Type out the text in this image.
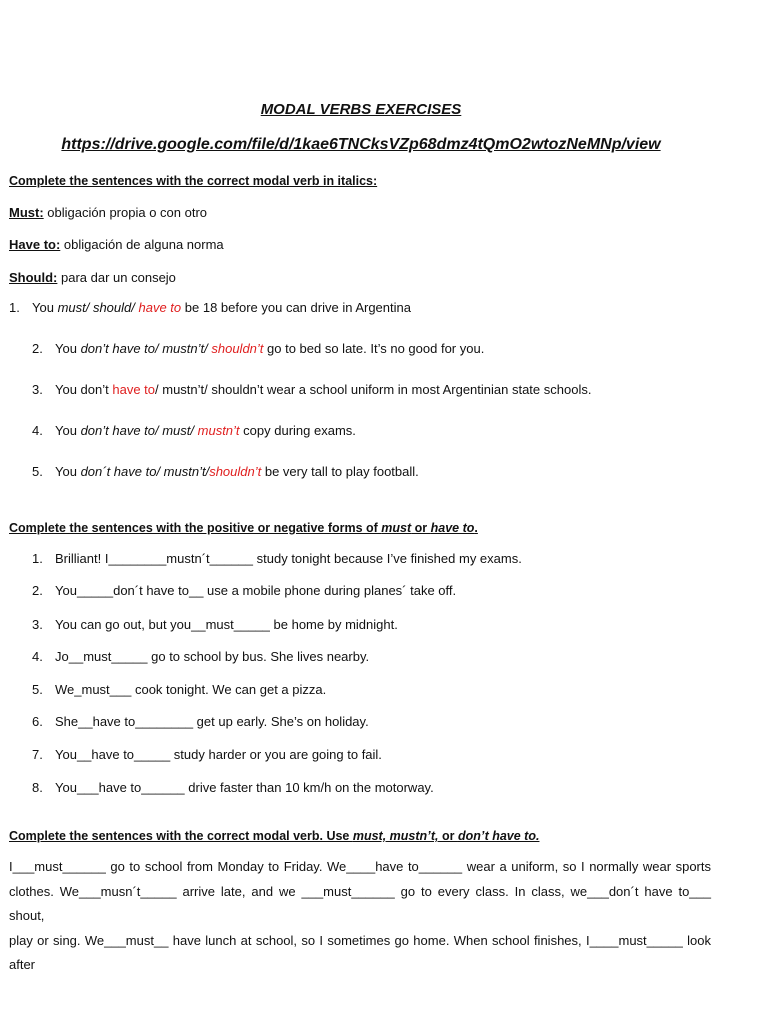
MODAL VERBS EXERCISES
https://drive.google.com/file/d/1kae6TNCksVZp68dmz4tQmO2wtozNeMNp/view
Complete the sentences with the correct modal verb in italics:
Must: obligación propia o con otro
Have to: obligación de alguna norma
Should: para dar un consejo
1. You must/ should/ have to be 18 before you can drive in Argentina
2. You don’t have to/ mustn’t/ shouldn’t go to bed so late. It’s no good for you.
3. You don’t have to/ mustn’t/ shouldn’t wear a school uniform in most Argentinian state schools.
4. You don’t have to/ must/ mustn’t copy during exams.
5. You don´t have to/ mustn’t/shouldn’t be very tall to play football.
Complete the sentences with the positive or negative forms of must or have to.
1. Brilliant! I________mustn´t______ study tonight because I’ve finished my exams.
2. You_____don´t have to__ use a mobile phone during planes´ take off.
3. You can go out, but you__must_____ be home by midnight.
4. Jo__must_____ go to school by bus. She lives nearby.
5. We_must___ cook tonight. We can get a pizza.
6. She__have to________ get up early. She’s on holiday.
7. You__have to_____ study harder or you are going to fail.
8. You___have to______ drive faster than 10 km/h on the motorway.
Complete the sentences with the correct modal verb. Use must, mustn’t, or don’t have to.
I___must______ go to school from Monday to Friday. We____have to______ wear a uniform, so I normally wear sports
clothes. We___musn´t_____ arrive late, and we ___must______ go to every class. In class, we___don´t have to___ shout,
play or sing. We___must__ have lunch at school, so I sometimes go home. When school finishes, I____must_____ look after
